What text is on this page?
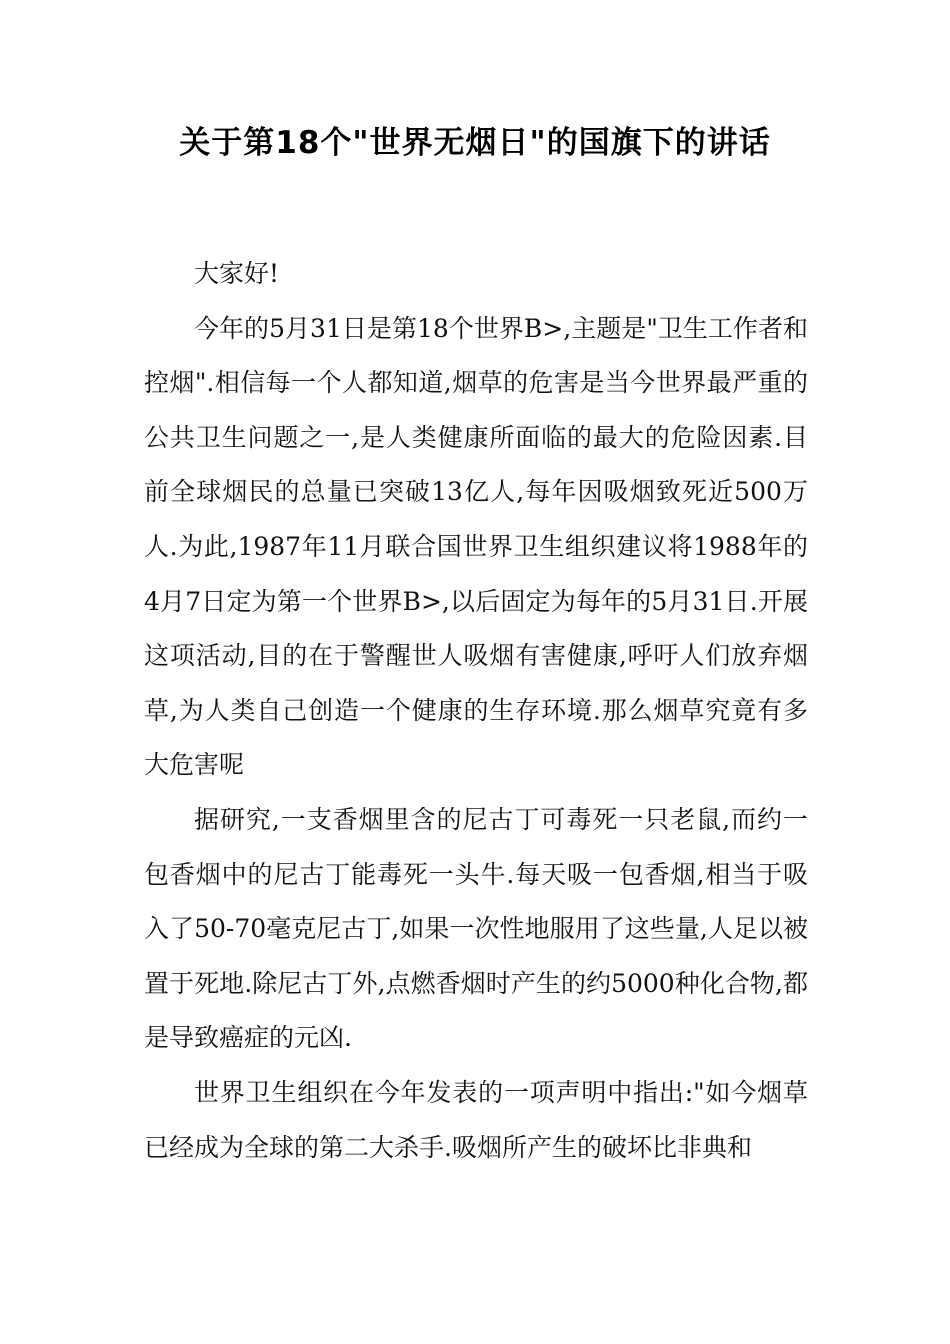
关于第18个"世界无烟日"的国旗下的讲话

大家好!

今年的5月31日是第18个世界B>,主题是"卫生工作者和控烟".相信每一个人都知道,烟草的危害是当今世界最严重的公共卫生问题之一,是人类健康所面临的最大的危险因素.目前全球烟民的总量已突破13亿人,每年因吸烟致死近500万人.为此,1987年11月联合国世界卫生组织建议将1988年的4月7日定为第一个世界B>,以后固定为每年的5月31日.开展这项活动,目的在于警醒世人吸烟有害健康,呼吁人们放弃烟草,为人类自己创造一个健康的生存环境.那么烟草究竟有多大危害呢

据研究,一支香烟里含的尼古丁可毒死一只老鼠,而约一包香烟中的尼古丁能毒死一头牛.每天吸一包香烟,相当于吸入了50-70毫克尼古丁,如果一次性地服用了这些量,人足以被置于死地.除尼古丁外,点燃香烟时产生的约5000种化合物,都是导致癌症的元凶.

世界卫生组织在今年发表的一项声明中指出:"如今烟草已经成为全球的第二大杀手.吸烟所产生的破坏比非典和
